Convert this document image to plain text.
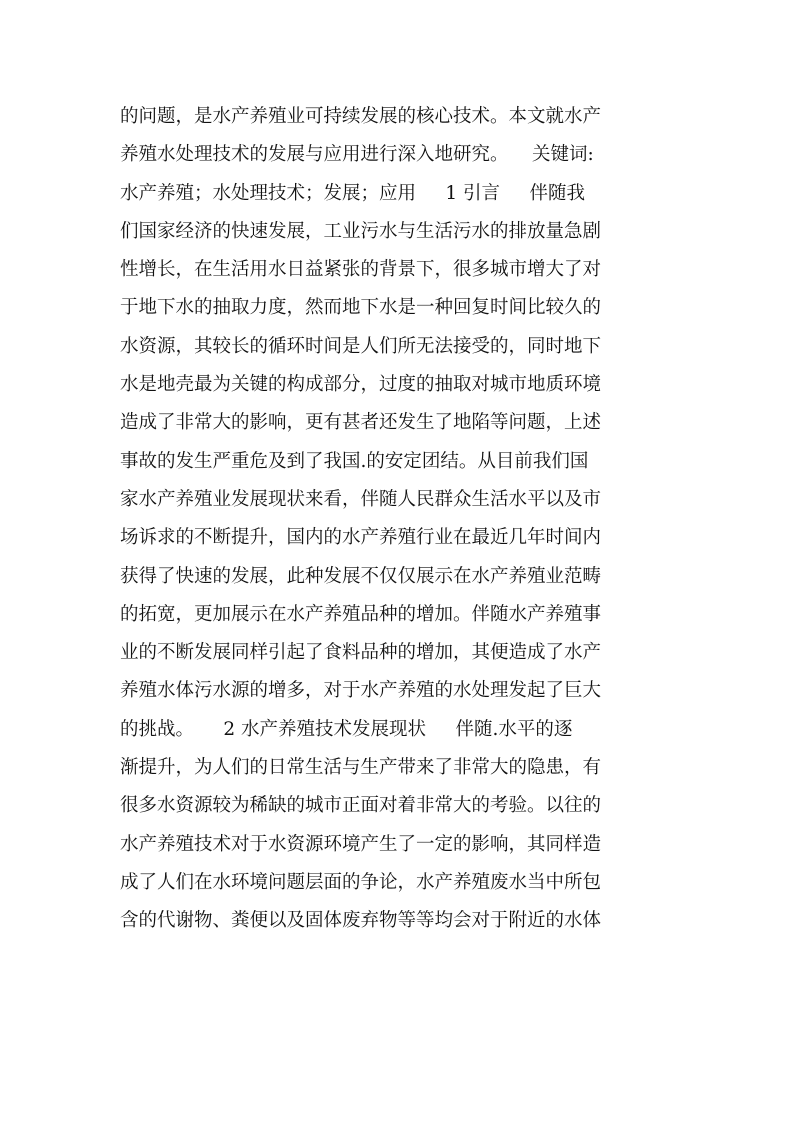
的问题，是水产养殖业可持续发展的核心技术。本文就水产
养殖水处理技术的发展与应用进行深入地研究。    关键词:
水产养殖；水处理技术；发展；应用     1 引言     伴随我
们国家经济的快速发展，工业污水与生活污水的排放量急剧
性增长，在生活用水日益紧张的背景下，很多城市增大了对
于地下水的抽取力度，然而地下水是一种回复时间比较久的
水资源，其较长的循环时间是人们所无法接受的，同时地下
水是地壳最为关键的构成部分，过度的抽取对城市地质环境
造成了非常大的影响，更有甚者还发生了地陷等问题，上述
事故的发生严重危及到了我国.的安定团结。从目前我们国
家水产养殖业发展现状来看，伴随人民群众生活水平以及市
场诉求的不断提升，国内的水产养殖行业在最近几年时间内
获得了快速的发展，此种发展不仅仅展示在水产养殖业范畴
的拓宽，更加展示在水产养殖品种的增加。伴随水产养殖事
业的不断发展同样引起了食料品种的增加，其便造成了水产
养殖水体污水源的增多，对于水产养殖的水处理发起了巨大
的挑战。     2 水产养殖技术发展现状     伴随.水平的逐
渐提升，为人们的日常生活与生产带来了非常大的隐患，有
很多水资源较为稀缺的城市正面对着非常大的考验。以往的
水产养殖技术对于水资源环境产生了一定的影响，其同样造
成了人们在水环境问题层面的争论，水产养殖废水当中所包
含的代谢物、粪便以及固体废弃物等等均会对于附近的水体
